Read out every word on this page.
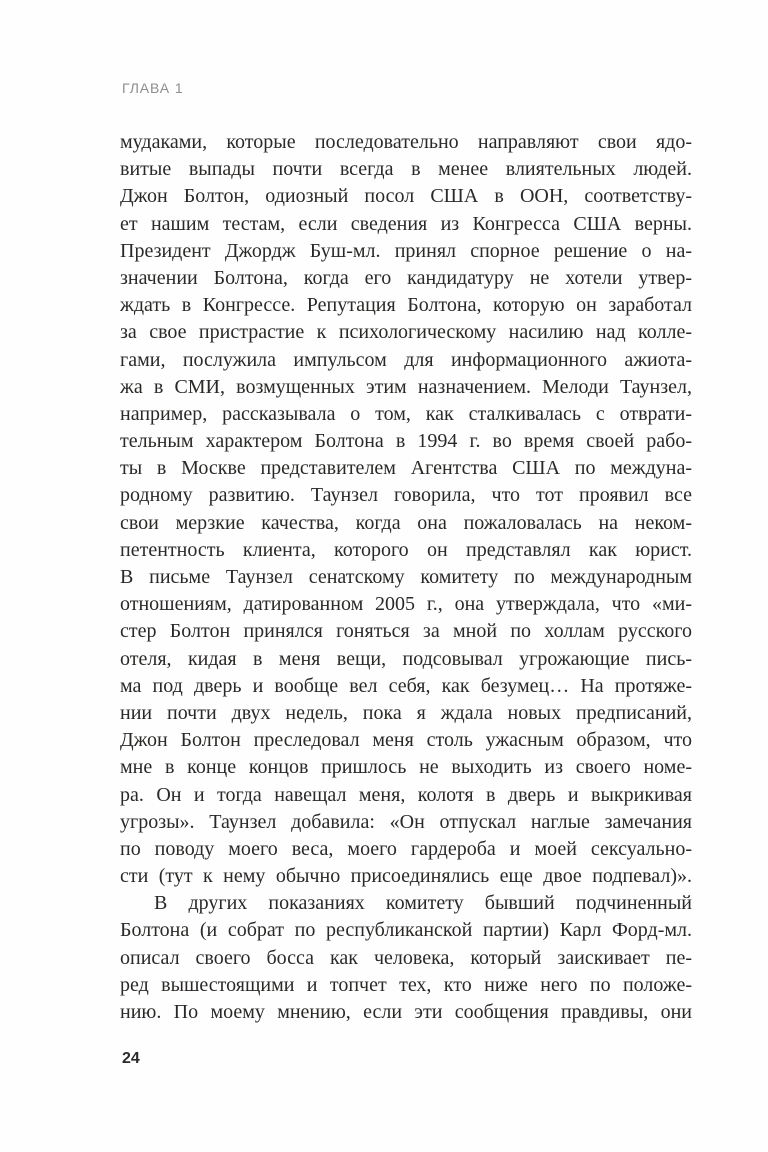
ГЛАВА 1
мудаками, которые последовательно направляют свои ядо-
витые выпады почти всегда в менее влиятельных людей.
Джон Болтон, одиозный посол США в ООН, соответству-
ет нашим тестам, если сведения из Конгресса США верны.
Президент Джордж Буш-мл. принял спорное решение о на-
значении Болтона, когда его кандидатуру не хотели утвер-
ждать в Конгрессе. Репутация Болтона, которую он заработал
за свое пристрастие к психологическому насилию над колле-
гами, послужила импульсом для информационного ажиота-
жа в СМИ, возмущенных этим назначением. Мелоди Таунзел,
например, рассказывала о том, как сталкивалась с отврати-
тельным характером Болтона в 1994 г. во время своей рабо-
ты в Москве представителем Агентства США по междуна-
родному развитию. Таунзел говорила, что тот проявил все
свои мерзкие качества, когда она пожаловалась на неком-
петентность клиента, которого он представлял как юрист.
В письме Таунзел сенатскому комитету по международным
отношениям, датированном 2005 г., она утверждала, что «ми-
стер Болтон принялся гоняться за мной по холлам русского
отеля, кидая в меня вещи, подсовывал угрожающие пись-
ма под дверь и вообще вел себя, как безумец… На протяже-
нии почти двух недель, пока я ждала новых предписаний,
Джон Болтон преследовал меня столь ужасным образом, что
мне в конце концов пришлось не выходить из своего номе-
ра. Он и тогда навещал меня, колотя в дверь и выкрикивая
угрозы». Таунзел добавила: «Он отпускал наглые замечания
по поводу моего веса, моего гардероба и моей сексуально-
сти (тут к нему обычно присоединялись еще двое подпевал)».
В других показаниях комитету бывший подчиненный
Болтона (и собрат по республиканской партии) Карл Форд-мл.
описал своего босса как человека, который заискивает пе-
ред вышестоящими и топчет тех, кто ниже него по положе-
нию. По моему мнению, если эти сообщения правдивы, они
24
